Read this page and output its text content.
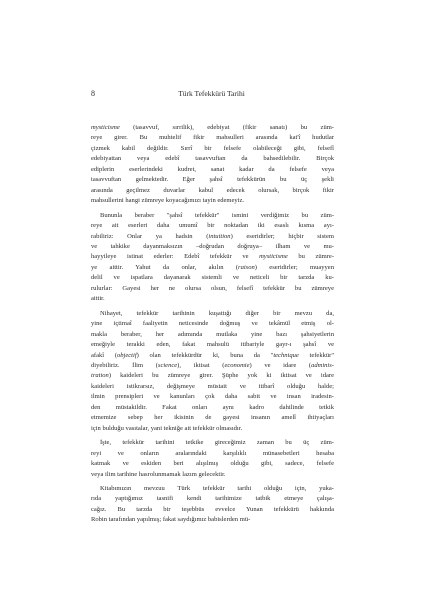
8	Türk Tefekkürü Tarihi
mysticisme (tasavvuf, sırrilik), edebiyat (fikir sanatı) bu züm-
reye girer. Bu muhtelif fikir mahsulleri arasında kat'î hudutlar
çizmek kabil değildir. Sırrî bir felsefe olabileceği gibi, felsefî
edebiyattan veya edebî tasavvuftan da bahsedilebilir. Birçok
ediplerin eserlerindeki kudret, sanat kadar da felsefe veya
tasavvuftan gelmektedir. Eğer şahsî tefekkürün bu üç şekli
arasında geçilmez duvarlar kabul edecek olursak, birçok fikir
mahsullerini hangi zümreye koyacağımızı tayin edemeyiz.
Bununla beraber "şahsî tefekkür" ismini verdiğimiz bu züm-
reye ait eserleri daha umumî bir noktadan iki esaslı kısma ayı-
rabiliriz: Onlar ya hadsin (intuition) eseridirler; hiçbir sistem
ve tahkike dayanmaksızın –doğrudan doğruya– ilham ve mu-
hayyileye istinat ederler: Edebî tefekkür ve mysticisme bu zümre-
ye aittir. Yahut da onlar, akılın (raison) eseridirler; muayyen
delil ve ispatlara dayanarak sistemli ve neticeli bir tarzda ku-
rulurlar: Gayesi her ne olursa olsun, felsefî tefekkür bu zümreye
aittir.
Nihayet, tefekkür tarihinin kuşattığı diğer bir mevzu da,
yine içtimaî faaliyetin neticesinde doğmuş ve tekâmül etmiş ol-
makla beraber, her adımında mutlaka yine bazı şahsiyetlerin
emeğiyle terakki eden, fakat mahsulü itibariyle gayr-ı şahsî ve
afakî (objectif) olan tefekkürdür ki, buna da "technique tefekkür"
diyebiliriz. İlim (science), iktisat (economie) ve idare (adminis-
tration) kaideleri bu zümreye girer. Şüphe yok ki iktisat ve idare
kaideleri istikrarsız, değişmeye müstait ve itibarî olduğu halde;
ilmin prensipleri ve kanunları çok daha sabit ve insan iradesin-
den müstakildir. Fakat onları aynı kadro dahilinde tetkik
etmemize sebep her ikisinin de gayesi insanın amelî ihtiyaçları
için bulduğu vasıtalar, yani tekniğe ait tefekkür olmasıdır.
İşte, tefekkür tarihini tetkike gireceğimiz zaman bu üç züm-
reyi ve onların aralarındaki karşılıklı münasebetleri hesaba
katmak ve eskiden beri alışılmış olduğu gibi, sadece, felsefe
veya ilim tarihine hasrolunmamak lazım gelecektir.
Kitabımızın mevzuu Türk tefekkür tarihi olduğu için, yuka-
rıda yaptığımız tasnifi kendi tarihimize tatbik etmeye çalışa-
cağız. Bu tarzda bir teşebbüs evvelce Yunan tefekkürü hakkında
Robin tarafından yapılmış; fakat saydığımız babislerden mü-
